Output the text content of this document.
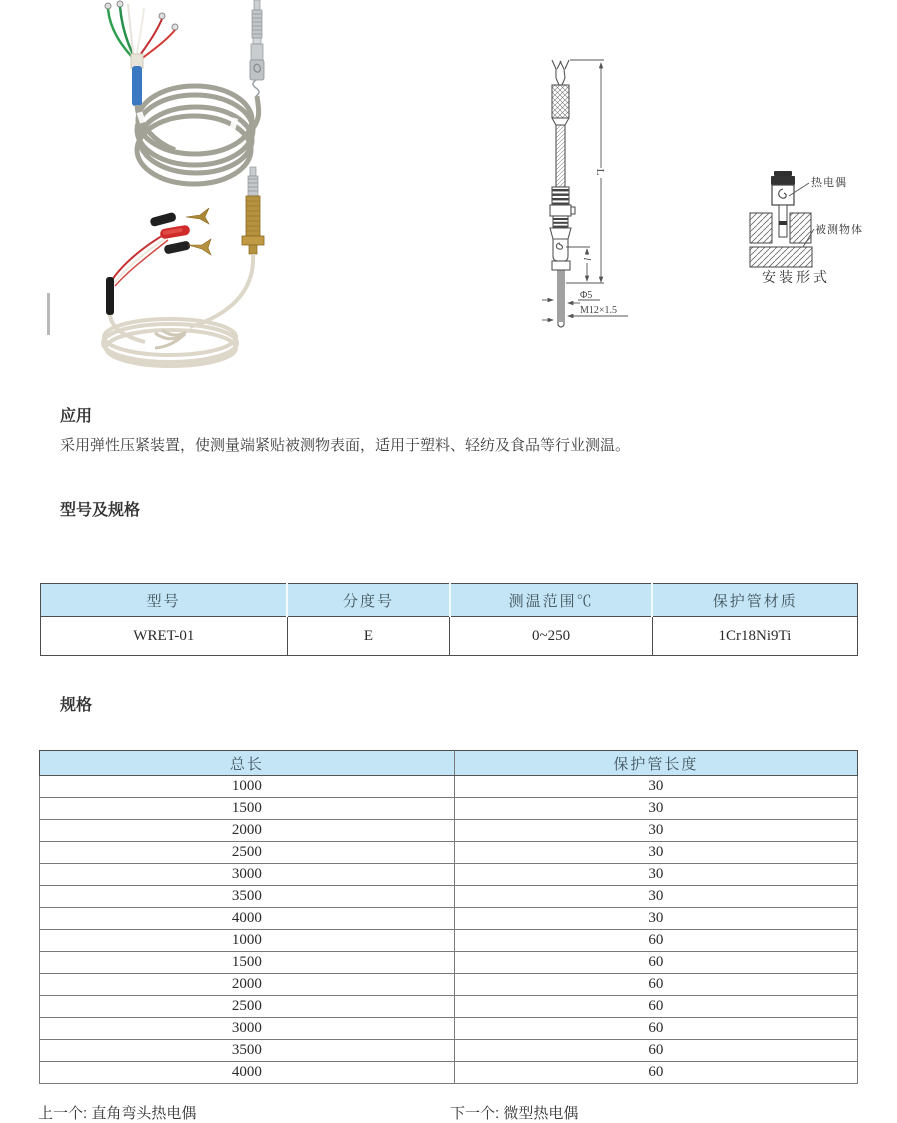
L
l
Φ5
M12×1.5
热电偶
被测物体
安装形式
应用

采用弹性压紧装置，使测量端紧贴被测物表面，适用于塑料、轻纺及食品等行业测温。

型号及规格
型号	分度号	测温范围℃	保护管材质
WRET-01	E	0~250	1Cr18Ni9Ti
规格
总长	保护管长度
1000	30
1500	30
2000	30
2500	30
3000	30
3500	30
4000	30
1000	60
1500	60
2000	60
2500	60
3000	60
3500	60
4000	60
上一个: 直角弯头热电偶	下一个: 微型热电偶
